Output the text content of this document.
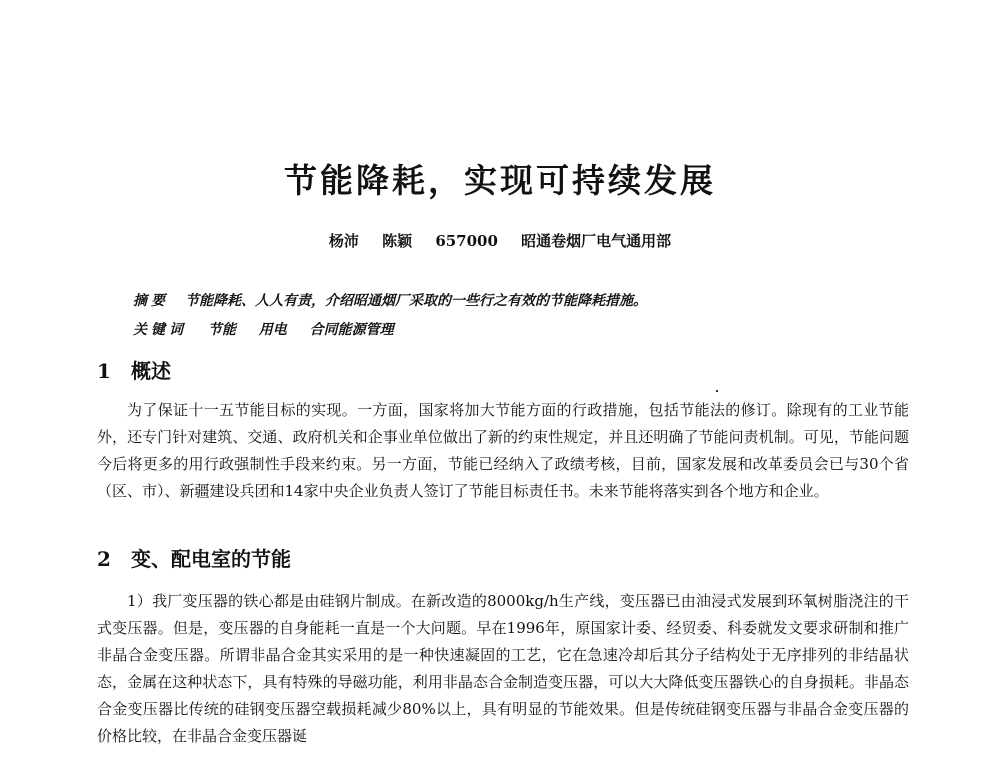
节能降耗，实现可持续发展
杨沛 陈颖 657000 昭通卷烟厂电气通用部
摘要 节能降耗、人人有责，介绍昭通烟厂采取的一些行之有效的节能降耗措施。
关键词 节能 用电 合同能源管理
1 概述

为了保证十一五节能目标的实现。一方面，国家将加大节能方面的行政措施，包括节能法的修订。除现有的工业节能外，还专门针对建筑、交通、政府机关和企事业单位做出了新的约束性规定，并且还明确了节能问责机制。可见，节能问题今后将更多的用行政强制性手段来约束。另一方面，节能已经纳入了政绩考核，目前，国家发展和改革委员会已与30个省（区、市）、新疆建设兵团和14家中央企业负责人签订了节能目标责任书。未来节能将落实到各个地方和企业。

2 变、配电室的节能

1）我厂变压器的铁心都是由硅钢片制成。在新改造的8000kg/h生产线，变压器已由油浸式发展到环氧树脂浇注的干式变压器。但是，变压器的自身能耗一直是一个大问题。早在1996年，原国家计委、经贸委、科委就发文要求研制和推广非晶合金变压器。所谓非晶合金其实采用的是一种快速凝固的工艺，它在急速冷却后其分子结构处于无序排列的非结晶状态，金属在这种状态下，具有特殊的导磁功能，利用非晶态合金制造变压器，可以大大降低变压器铁心的自身损耗。非晶态合金变压器比传统的硅钢变压器空载损耗减少80%以上，具有明显的节能效果。但是传统硅钢变压器与非晶合金变压器的价格比较，在非晶合金变压器诞
